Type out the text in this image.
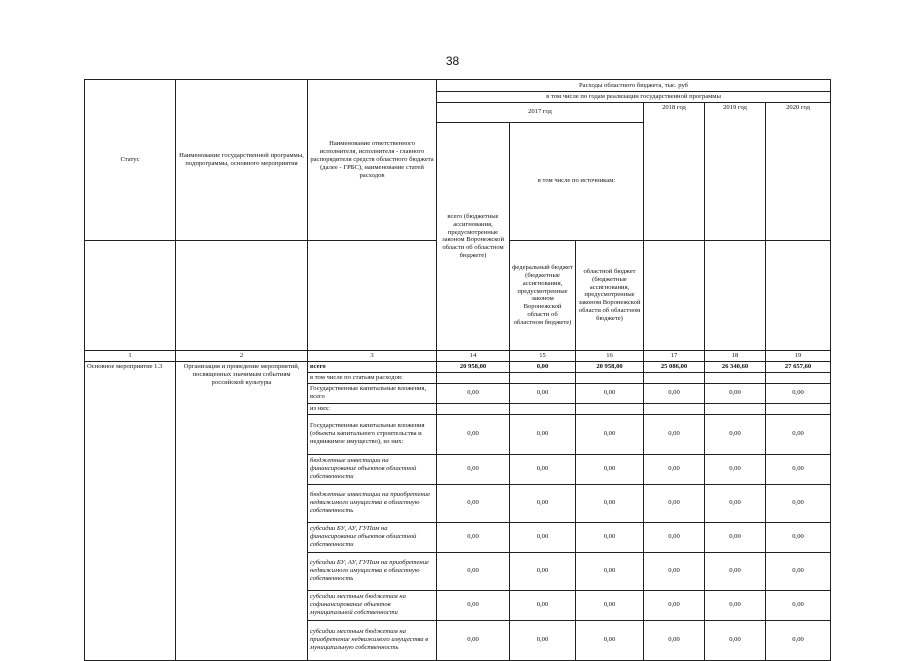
38
Статус	Наименование государственной программы, подпрограммы, основного мероприятия	Наименование ответственного исполнителя, исполнителя - главного распорядителя средств областного бюджета (далее - ГРБС), наименование статей расходов	Расходы областного бюджета, тыс. руб					
			в том числе по годам реализации государственной программы					
			2017 год			2018 год	2019 год	2020 год

			всего (бюджетные ассигнования, предусмотренные законом Воронежской области об областном бюджете)	в том числе по источникам:				
				федеральный бюджет (бюджетные ассигнования, предусмотренные законом Воронежской области об областном бюджете)	областной бюджет (бюджетные ассигнования, предусмотренные законом Воронежской области об областном бюджете)			
1	2	3	14	15	16	17	18	19
Основное мероприятие 1.3	Организация и проведение мероприятий, посвященных значимым событиям российской культуры	всего	20 958,00	0,00	20 958,00	25 086,00	26 340,60	27 657,60
		в том числе по статьям расходов:						
		Государственные капитальные вложения, всего	0,00	0,00	0,00	0,00	0,00	0,00
		из них:						
		Государственные капитальные вложения (объекты капитального строительства и недвижимое имущество), из них:	0,00	0,00	0,00	0,00	0,00	0,00
		бюджетные инвестиции на финансирование объектов областной собственности	0,00	0,00	0,00	0,00	0,00	0,00
		бюджетные инвестиции на приобретение недвижимого имущества в областную собственность	0,00	0,00	0,00	0,00	0,00	0,00
		субсидии БУ, АУ, ГУПам на финансирование объектов областной собственности	0,00	0,00	0,00	0,00	0,00	0,00
		субсидии БУ, АУ, ГУПам на приобретение недвижимого имущества в областную собственность	0,00	0,00	0,00	0,00	0,00	0,00
		субсидии местным бюджетам на софинансирование объектов муниципальной собственности	0,00	0,00	0,00	0,00	0,00	0,00
		субсидии местным бюджетам на приобретение недвижимого имущества в муниципальную собственность	0,00	0,00	0,00	0,00	0,00	0,00
